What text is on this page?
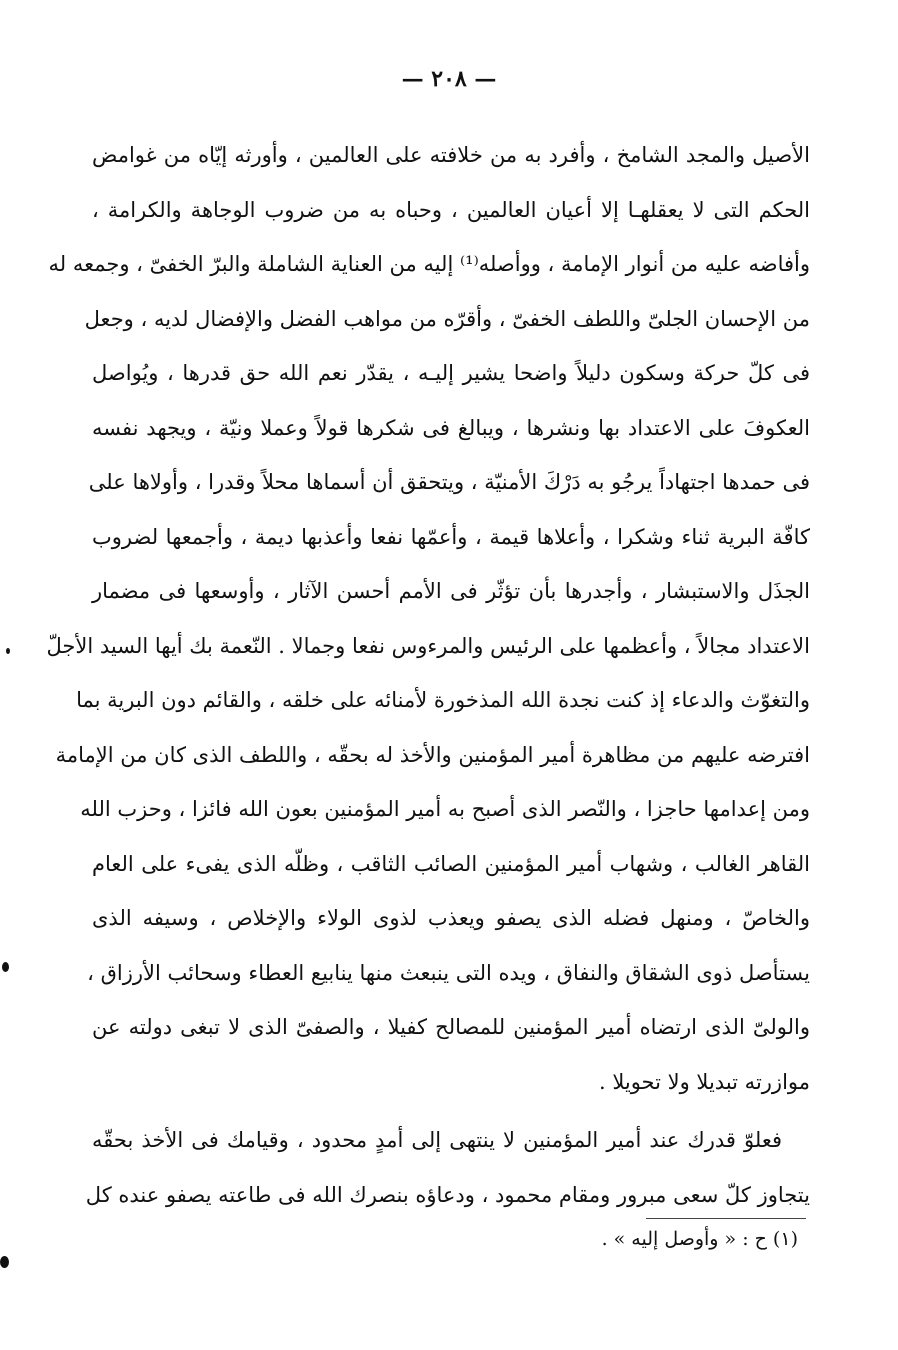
— ٢٠٨ —
الأصيل والمجد الشامخ ، وأفرد به من خلافته على العالمين ، وأورثه إيّاه من غوامض
الحكم التى لا يعقلهـا إلا أعيان العالمين ، وحباه به من ضروب الوجاهة والكرامة ،
وأفاضه عليه من أنوار الإمامة ، ووأصله⁽¹⁾ إليه من العناية الشاملة والبرّ الخفىّ ، وجمعه له
من الإحسان الجلىّ واللطف الخفىّ ، وأقرّه من مواهب الفضل والإفضال لديه ، وجعل
فى كلّ حركة وسكون دليلاً واضحا يشير إليـه ، يقدّر نعم الله حق قدرها ، ويُواصل
العكوفَ على الاعتداد بها ونشرها ، ويبالغ فى شكرها قولاً وعملا ونيّة ، ويجهد نفسه
فى حمدها اجتهاداً يرجُو به دَرْكَ الأمنيّة ، ويتحقق أن أسماها محلاً وقدرا ، وأولاها على
كافّة البرية ثناء وشكرا ، وأعلاها قيمة ، وأعمّها نفعا وأعذبها ديمة ، وأجمعها لضروب
الجذَل والاستبشار ، وأجدرها بأن تؤثّر فى الأمم أحسن الآثار ، وأوسعها فى مضمار
الاعتداد مجالاً ، وأعظمها على الرئيس والمرءوس نفعا وجمالا . النّعمة بك أيها السيد الأجلّ
والتغوّث والدعاء إذ كنت نجدة الله المذخورة لأمنائه على خلقه ، والقائم دون البرية بما
افترضه عليهم من مظاهرة أمير المؤمنين والأخذ له بحقّه ، واللطف الذى كان من الإمامة
ومن إعدامها حاجزا ، والنّصر الذى أصبح به أمير المؤمنين بعون الله فائزا ، وحزب الله
القاهر الغالب ، وشهاب أمير المؤمنين الصائب الثاقب ، وظلّه الذى يفىء على العام
والخاصّ ، ومنهل فضله الذى يصفو ويعذب لذوى الولاء والإخلاص ، وسيفه الذى
يستأصل ذوى الشقاق والنفاق ، ويده التى ينبعث منها ينابيع العطاء وسحائب الأرزاق ،
والولىّ الذى ارتضاه أمير المؤمنين للمصالح كفيلا ، والصفىّ الذى لا تبغى دولته عن
موازرته تبديلا ولا تحويلا .
فعلوّ قدرك عند أمير المؤمنين لا ينتهى إلى أمدٍ محدود ، وقيامك فى الأخذ بحقّه
يتجاوز كلّ سعى مبرور ومقام محمود ، ودعاؤه بنصرك الله فى طاعته يصفو عنده كل
(١) ح : « وأوصل إليه » .
